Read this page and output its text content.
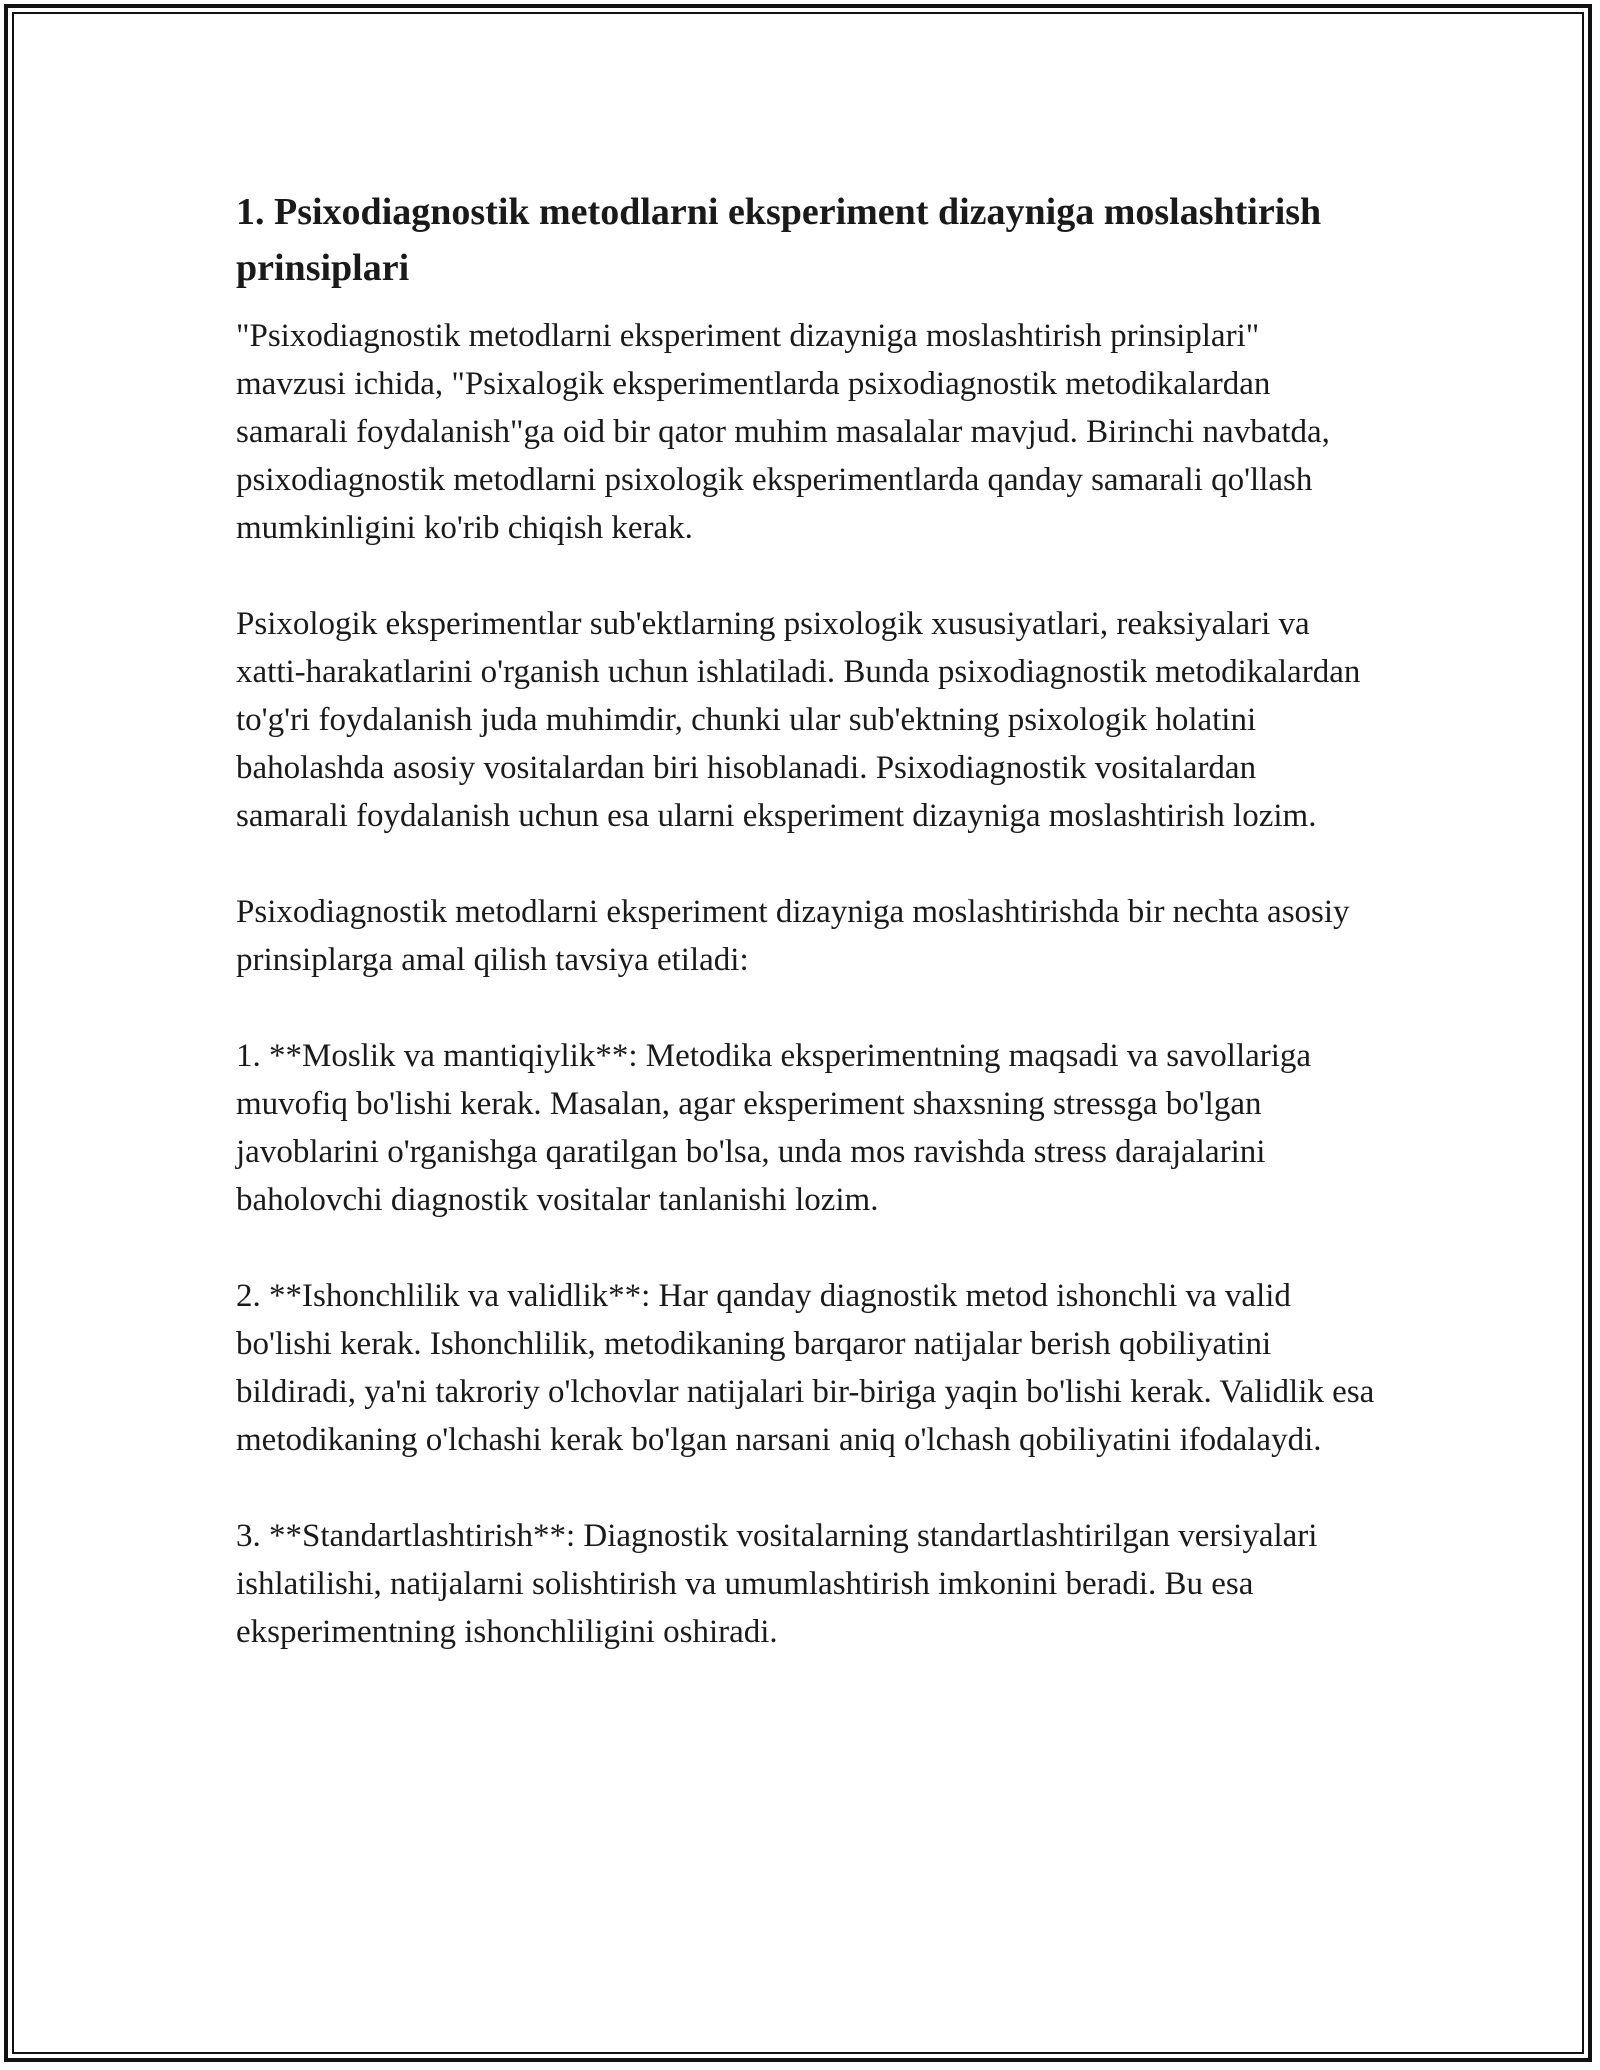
1. Psixodiagnostik metodlarni eksperiment dizayniga moslashtirish prinsiplari

"Psixodiagnostik metodlarni eksperiment dizayniga moslashtirish prinsiplari" mavzusi ichida, "Psixalogik eksperimentlarda psixodiagnostik metodikalardan samarali foydalanish"ga oid bir qator muhim masalalar mavjud. Birinchi navbatda, psixodiagnostik metodlarni psixologik eksperimentlarda qanday samarali qo'llash mumkinligini ko'rib chiqish kerak.

Psixologik eksperimentlar sub'ektlarning psixologik xususiyatlari, reaksiyalari va xatti-harakatlarini o'rganish uchun ishlatiladi. Bunda psixodiagnostik metodikalardan to'g'ri foydalanish juda muhimdir, chunki ular sub'ektning psixologik holatini baholashda asosiy vositalardan biri hisoblanadi. Psixodiagnostik vositalardan samarali foydalanish uchun esa ularni eksperiment dizayniga moslashtirish lozim.

Psixodiagnostik metodlarni eksperiment dizayniga moslashtirishda bir nechta asosiy prinsiplarga amal qilish tavsiya etiladi:

1. **Moslik va mantiqiylik**: Metodika eksperimentning maqsadi va savollariga muvofiq bo'lishi kerak. Masalan, agar eksperiment shaxsning stressga bo'lgan javoblarini o'rganishga qaratilgan bo'lsa, unda mos ravishda stress darajalarini baholovchi diagnostik vositalar tanlanishi lozim.

2. **Ishonchlilik va validlik**: Har qanday diagnostik metod ishonchli va valid bo'lishi kerak. Ishonchlilik, metodikaning barqaror natijalar berish qobiliyatini bildiradi, ya'ni takroriy o'lchovlar natijalari bir-biriga yaqin bo'lishi kerak. Validlik esa metodikaning o'lchashi kerak bo'lgan narsani aniq o'lchash qobiliyatini ifodalaydi.

3. **Standartlashtirish**: Diagnostik vositalarning standartlashtirilgan versiyalari ishlatilishi, natijalarni solishtirish va umumlashtirish imkonini beradi. Bu esa eksperimentning ishonchliligini oshiradi.
